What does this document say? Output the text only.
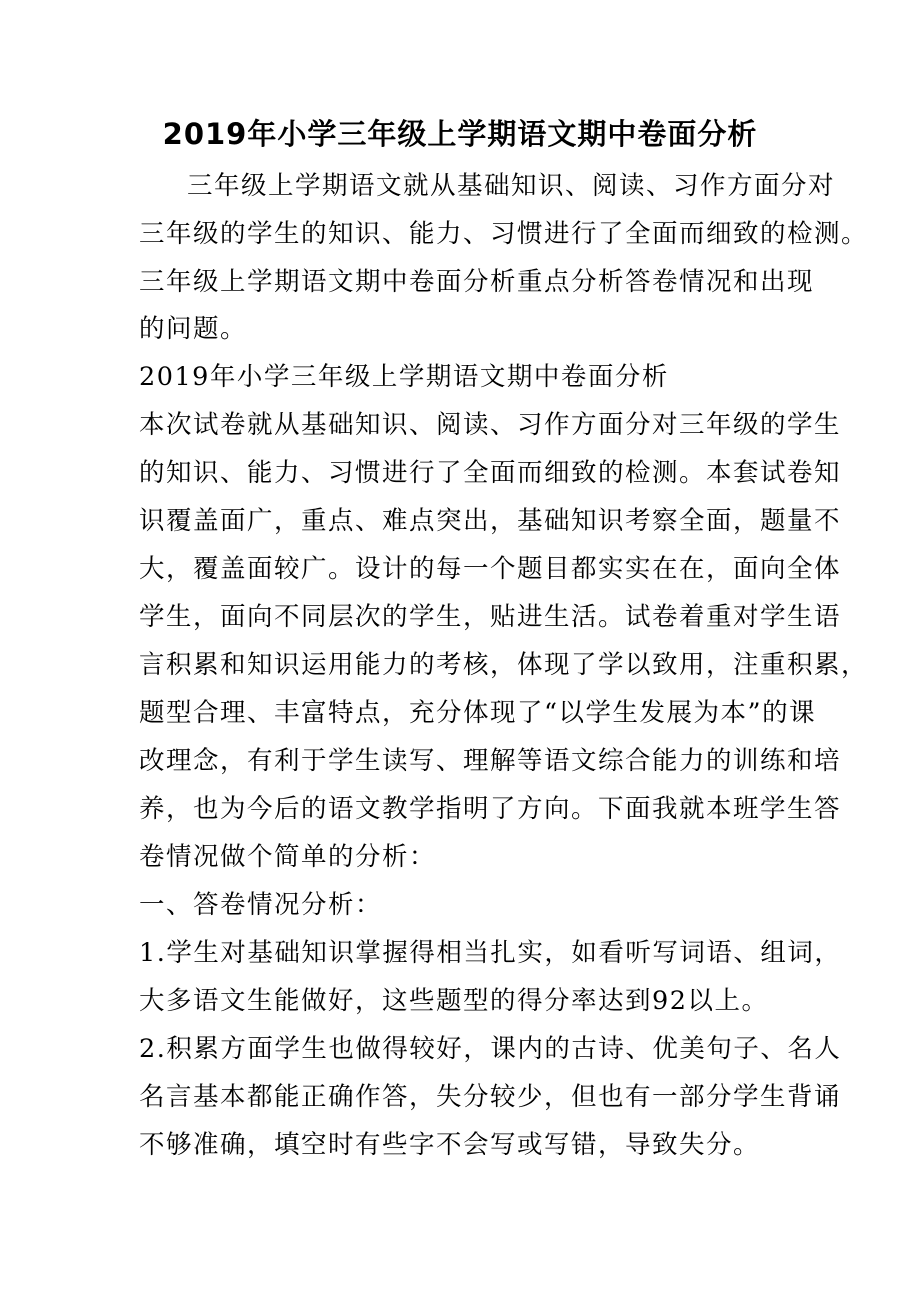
2019年小学三年级上学期语文期中卷面分析
三年级上学期语文就从基础知识、阅读、习作方面分对
三年级的学生的知识、能力、习惯进行了全面而细致的检测。
三年级上学期语文期中卷面分析重点分析答卷情况和出现
的问题。
2019年小学三年级上学期语文期中卷面分析
本次试卷就从基础知识、阅读、习作方面分对三年级的学生
的知识、能力、习惯进行了全面而细致的检测。本套试卷知
识覆盖面广，重点、难点突出，基础知识考察全面，题量不
大，覆盖面较广。设计的每一个题目都实实在在，面向全体
学生，面向不同层次的学生，贴进生活。试卷着重对学生语
言积累和知识运用能力的考核，体现了学以致用，注重积累，
题型合理、丰富特点，充分体现了“以学生发展为本”的课
改理念，有利于学生读写、理解等语文综合能力的训练和培
养，也为今后的语文教学指明了方向。下面我就本班学生答
卷情况做个简单的分析：
一、答卷情况分析：
1.学生对基础知识掌握得相当扎实，如看听写词语、组词，
大多语文生能做好，这些题型的得分率达到92以上。
2.积累方面学生也做得较好，课内的古诗、优美句子、名人
名言基本都能正确作答，失分较少，但也有一部分学生背诵
不够准确，填空时有些字不会写或写错，导致失分。
